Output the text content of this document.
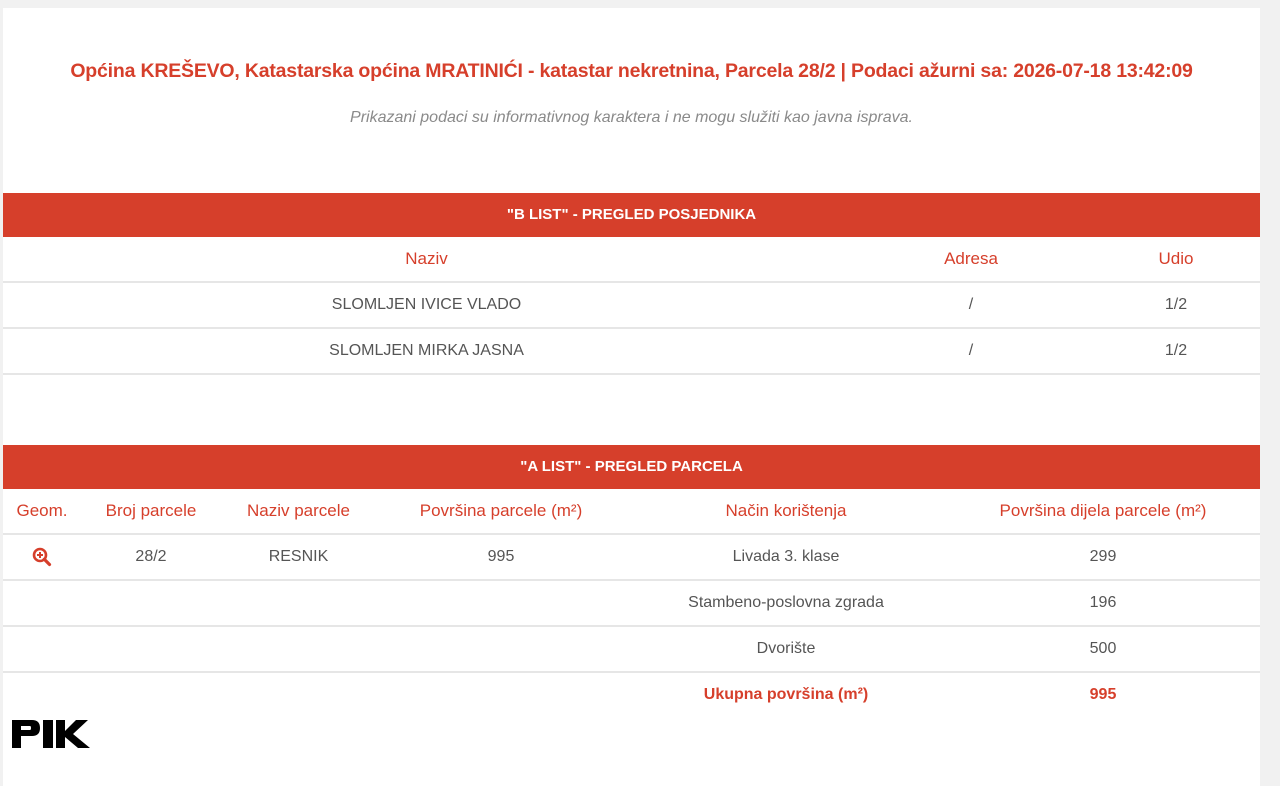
Općina KREŠEVO, Katastarska općina MRATINIĆI - katastar nekretnina, Parcela 28/2 | Podaci ažurni sa: 2026-07-18 13:42:09
Prikazani podaci su informativnog karaktera i ne mogu služiti kao javna isprava.
"B LIST" - PREGLED POSJEDNIKA
Naziv	Adresa	Udio
SLOMLJEN IVICE VLADO	/	1/2
SLOMLJEN MIRKA JASNA	/	1/2
"A LIST" - PREGLED PARCELA
Geom.	Broj parcele	Naziv parcele	Površina parcele (m²)	Način korištenja	Površina dijela parcele (m²)
	28/2	RESNIK	995	Livada 3. klase	299
				Stambeno-poslovna zgrada	196
				Dvorište	500
				Ukupna površina (m²)	995
